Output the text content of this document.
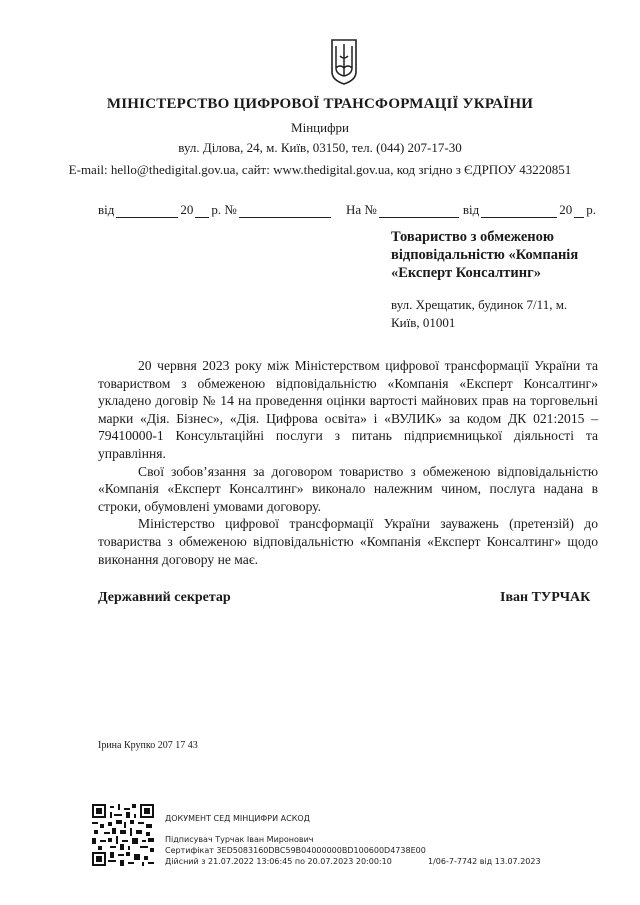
МІНІСТЕРСТВО ЦИФРОВОЇ ТРАНСФОРМАЦІЇ УКРАЇНИ
Мінцифри
вул. Ділова, 24, м. Київ, 03150, тел. (044) 207-17-30
E-mail: hello@thedigital.gov.ua, сайт: www.thedigital.gov.ua, код згідно з ЄДРПОУ 43220851
від	20 р. №	На №	від	20 р.
Товариство з обмеженою відповідальністю «Компанія «Експерт Консалтинг»
вул. Хрещатик, будинок 7/11, м. Київ, 01001

20 червня 2023 року між Міністерством цифрової трансформації України та товариством з обмеженою відповідальністю «Компанія «Експерт Консалтинг» укладено договір № 14 на проведення оцінки вартості майнових прав на торговельні марки «Дія. Бізнес», «Дія. Цифрова освіта» і «ВУЛИК» за кодом ДК 021:2015 – 79410000-1 Консультаційні послуги з питань підприємницької діяльності та управління.

Свої зобов’язання за договором товариство з обмеженою відповідальністю «Компанія «Експерт Консалтинг» виконало належним чином, послуга надана в строки, обумовлені умовами договору.

Міністерство цифрової трансформації України зауважень (претензій) до товариства з обмеженою відповідальністю «Компанія «Експерт Консалтинг» щодо виконання договору не має.

Державний секретар	Іван ТУРЧАК
Ірина Крупко 207 17 43
ДОКУМЕНТ СЕД МІНЦИФРИ АСКОД
Підписувач Турчак Іван Миронович
Сертифікат 3ED5083160DBC59B04000000BD100600D4738E00
Дійсний з 21.07.2022 13:06:45 по 20.07.2023 20:00:10	1/06-7-7742 від 13.07.2023
